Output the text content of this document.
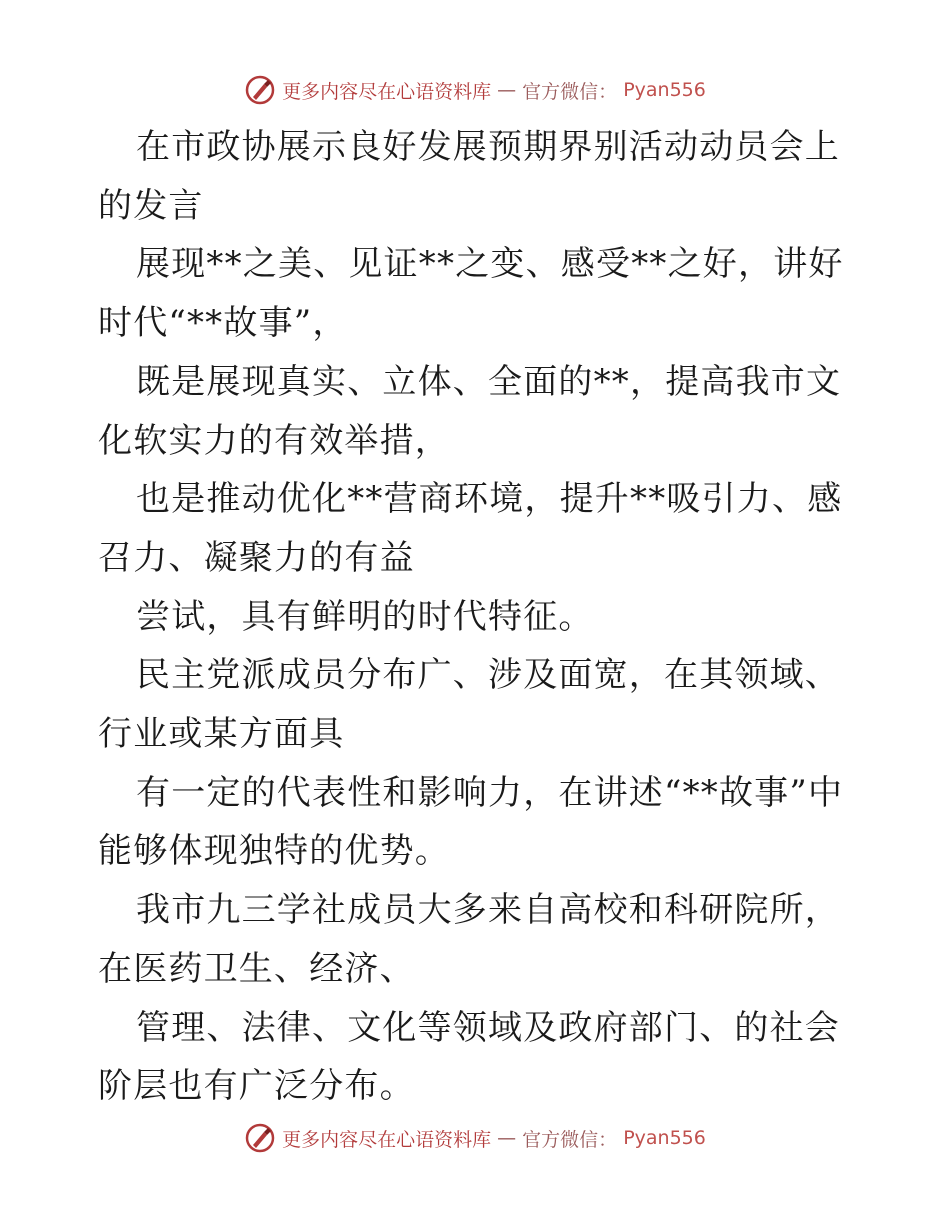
更多内容尽在心语资料库 — 官方微信： Pyan556

在市政协展示良好发展预期界别活动动员会上的发言

展现**之美、见证**之变、感受**之好，讲好时代“**故事”，

既是展现真实、立体、全面的**，提高我市文化软实力的有效举措，

也是推动优化**营商环境，提升**吸引力、感召力、凝聚力的有益

尝试，具有鲜明的时代特征。

民主党派成员分布广、涉及面宽，在其领域、行业或某方面具

有一定的代表性和影响力，在讲述“**故事”中能够体现独特的优势。

我市九三学社成员大多来自高校和科研院所，在医药卫生、经济、

管理、法律、文化等领域及政府部门、的社会阶层也有广泛分布。

更多内容尽在心语资料库 — 官方微信： Pyan556
